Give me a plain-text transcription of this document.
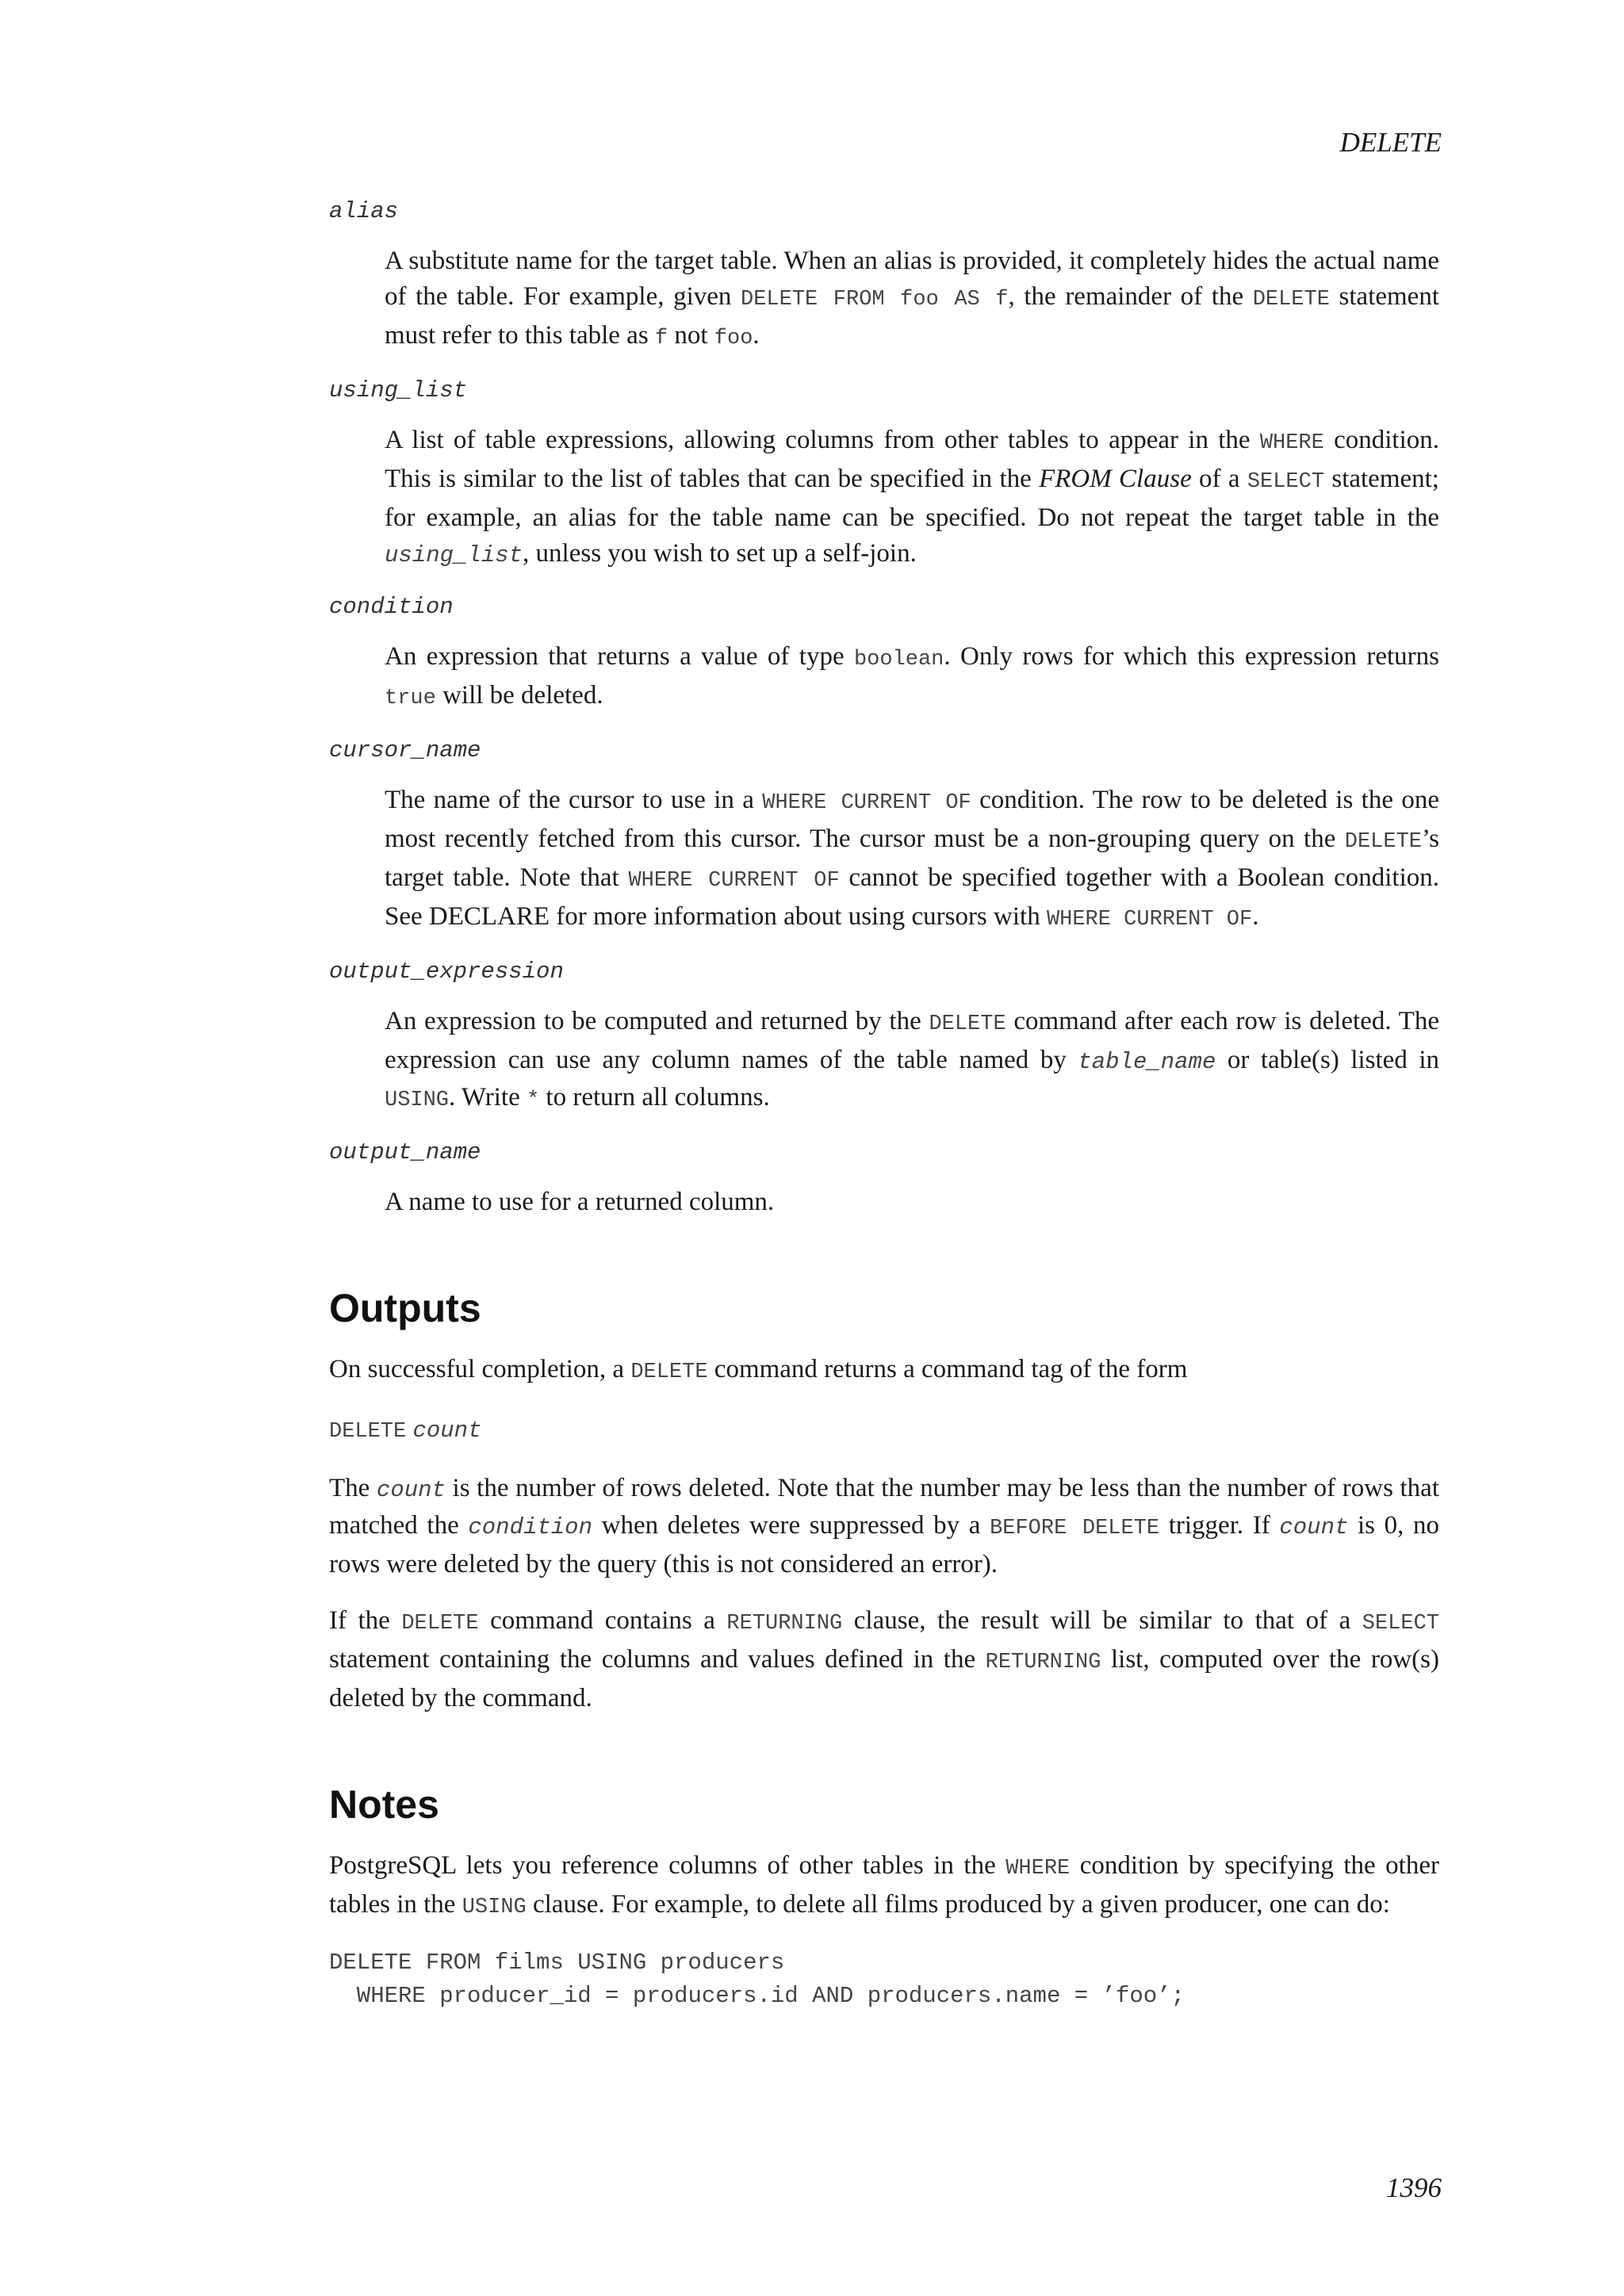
DELETE
alias

A substitute name for the target table. When an alias is provided, it completely hides the actual name of the table. For example, given DELETE FROM foo AS f, the remainder of the DELETE statement must refer to this table as f not foo.

using_list

A list of table expressions, allowing columns from other tables to appear in the WHERE condition. This is similar to the list of tables that can be specified in the FROM Clause of a SELECT statement; for example, an alias for the table name can be specified. Do not repeat the target table in the using_list, unless you wish to set up a self-join.

condition

An expression that returns a value of type boolean. Only rows for which this expression returns true will be deleted.

cursor_name

The name of the cursor to use in a WHERE CURRENT OF condition. The row to be deleted is the one most recently fetched from this cursor. The cursor must be a non-grouping query on the DELETE’s target table. Note that WHERE CURRENT OF cannot be specified together with a Boolean condition. See DECLARE for more information about using cursors with WHERE CURRENT OF.

output_expression

An expression to be computed and returned by the DELETE command after each row is deleted. The expression can use any column names of the table named by table_name or table(s) listed in USING. Write * to return all columns.

output_name

A name to use for a returned column.

Outputs

On successful completion, a DELETE command returns a command tag of the form

DELETE count

The count is the number of rows deleted. Note that the number may be less than the number of rows that matched the condition when deletes were suppressed by a BEFORE DELETE trigger. If count is 0, no rows were deleted by the query (this is not considered an error).

If the DELETE command contains a RETURNING clause, the result will be similar to that of a SELECT statement containing the columns and values defined in the RETURNING list, computed over the row(s) deleted by the command.

Notes

PostgreSQL lets you reference columns of other tables in the WHERE condition by specifying the other tables in the USING clause. For example, to delete all films produced by a given producer, one can do:

DELETE FROM films USING producers
WHERE producer_id = producers.id AND producers.name = ’foo’;
1396
